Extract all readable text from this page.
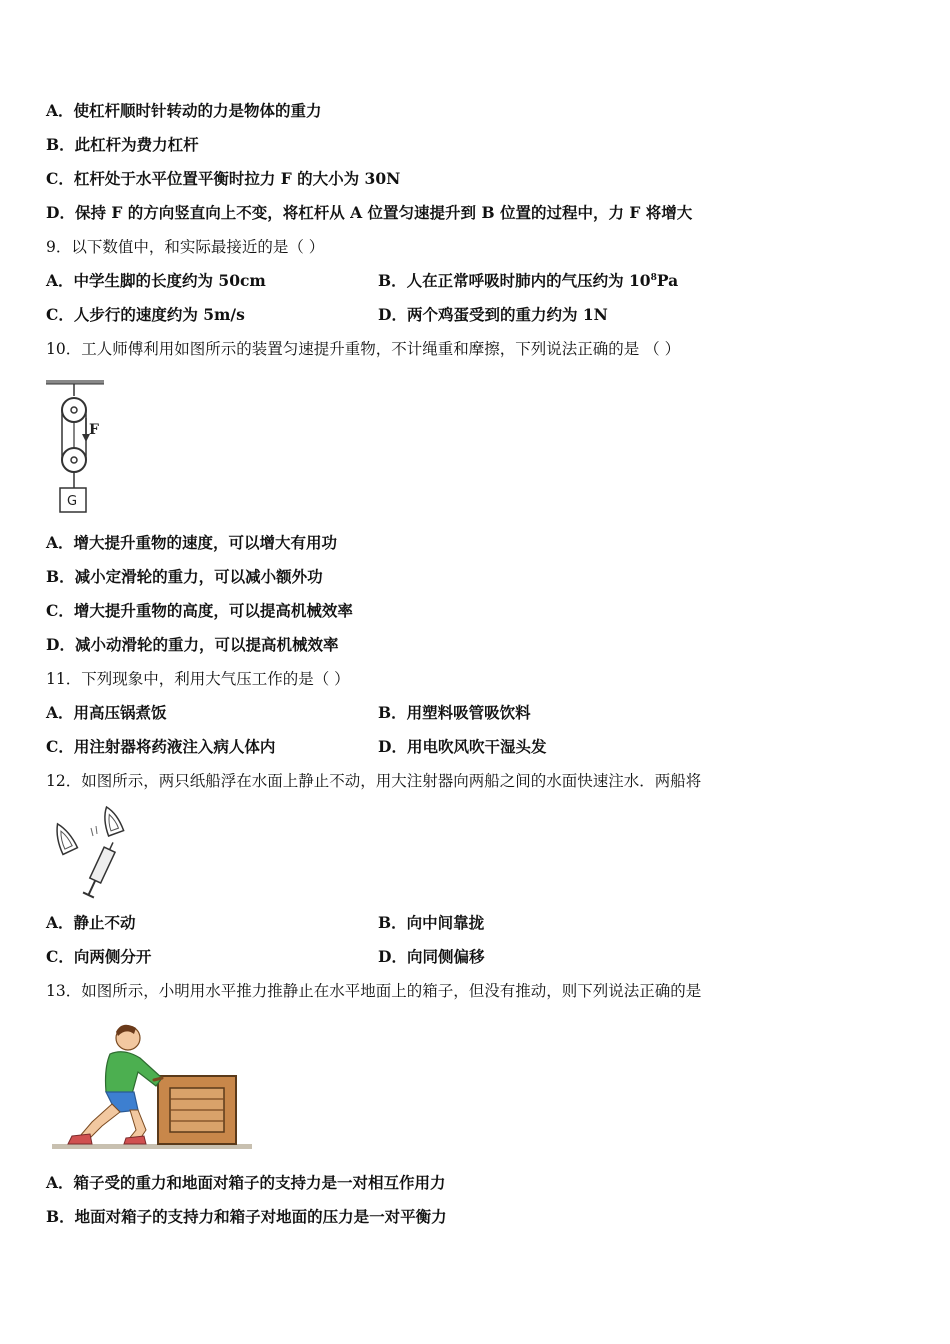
A．使杠杆顺时针转动的力是物体的重力
B．此杠杆为费力杠杆
C．杠杆处于水平位置平衡时拉力 F 的大小为 30N
D．保持 F 的方向竖直向上不变，将杠杆从 A 位置匀速提升到 B 位置的过程中，力 F 将增大
9．以下数值中，和实际最接近的是（ ）
A．中学生脚的长度约为 50cm	B．人在正常呼吸时肺内的气压约为 $10^8Pa$
C．人步行的速度约为 5m/s	D．两个鸡蛋受到的重力约为 1N
10．工人师傅利用如图所示的装置匀速提升重物，不计绳重和摩擦，下列说法正确的是 （ ）
F
G
A．增大提升重物的速度，可以增大有用功
B．减小定滑轮的重力，可以减小额外功
C．增大提升重物的高度，可以提高机械效率
D．减小动滑轮的重力，可以提高机械效率
11．下列现象中，利用大气压工作的是（ ）
A．用高压锅煮饭	B．用塑料吸管吸饮料
C．用注射器将药液注入病人体内	D．用电吹风吹干湿头发
12．如图所示，两只纸船浮在水面上静止不动，用大注射器向两船之间的水面快速注水．两船将
A．静止不动	B．向中间靠拢
C．向两侧分开	D．向同侧偏移
13．如图所示，小明用水平推力推静止在水平地面上的箱子，但没有推动，则下列说法正确的是
A．箱子受的重力和地面对箱子的支持力是一对相互作用力
B．地面对箱子的支持力和箱子对地面的压力是一对平衡力
